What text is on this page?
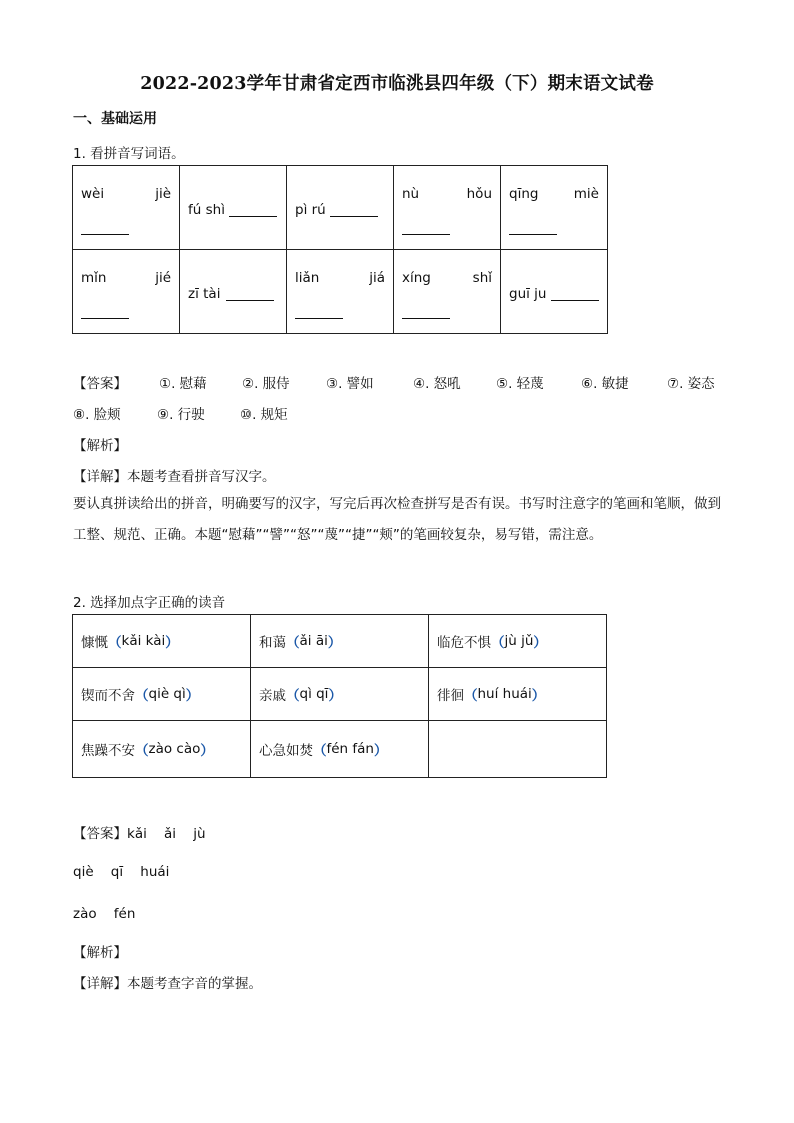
2022-2023学年甘肃省定西市临洮县四年级（下）期末语文试卷
一、基础运用
1. 看拼音写词语。
wèi jiè	fú shì	pì rú	nù hǒu	qīng miè

mǐn jié	zī tài	liǎn jiá	xíng shǐ	guī ju
【答案】 ①. 慰藉	②. 服侍	③. 譬如	④. 怒吼	⑤. 轻蔑	⑥. 敏捷	⑦. 姿态
⑧. 脸颊	⑨. 行驶	⑩. 规矩
【解析】
【详解】本题考查看拼音写汉字。
要认真拼读给出的拼音，明确要写的汉字，写完后再次检查拼写是否有误。书写时注意字的笔画和笔顺，做到工整、规范、正确。本题“慰藉”“譬”“怒”“蔑”“捷”“颊”的笔画较复杂，易写错，需注意。
2. 选择加点字正确的读音
慷慨 （ kǎi kài ）	和蔼 （ ǎi āi ）	临危不惧 （ jù jǔ ）

锲而不舍 （ qiè qì ）	亲戚 （ qì qī ）	徘徊 （ huí huái ）

焦躁不安 （ zào cào ）	心急如焚 （ fén fán ）	

【答案】kǎi    ǎi    jù
qiè    qī    huái
zào    fén
【解析】
【详解】本题考查字音的掌握。
